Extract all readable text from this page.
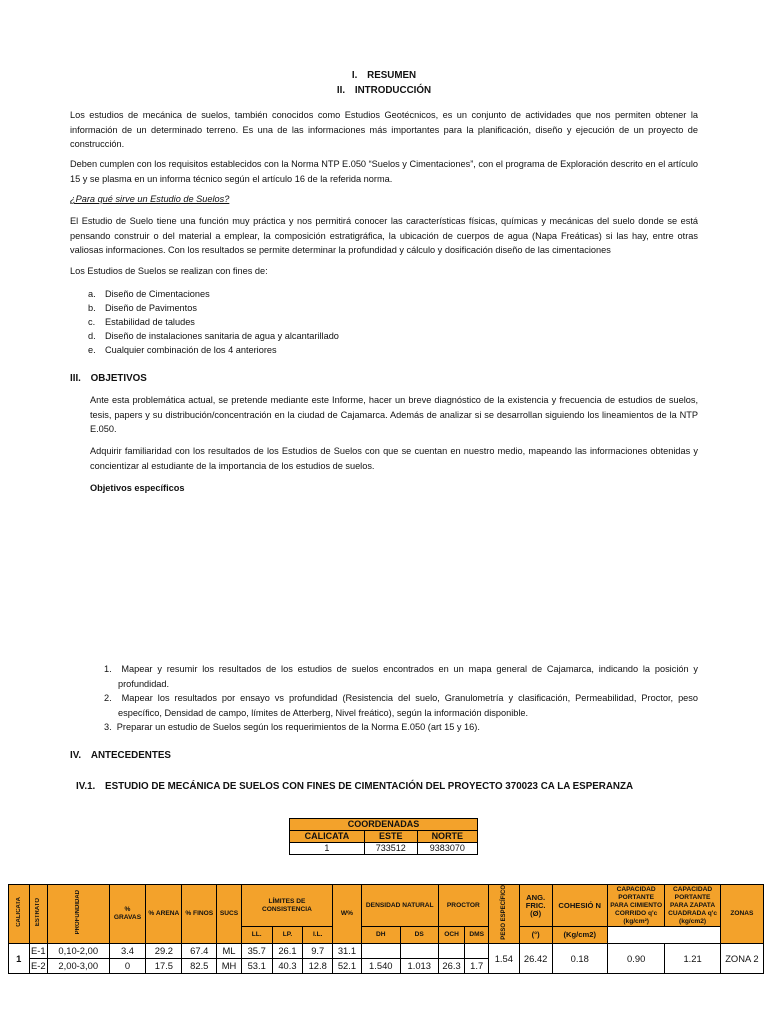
I. RESUMEN
II. INTRODUCCIÓN
Los estudios de mecánica de suelos, también conocidos como Estudios Geotécnicos, es un conjunto de actividades que nos permiten obtener la información de un determinado terreno. Es una de las informaciones más importantes para la planificación, diseño y ejecución de un proyecto de construcción.
Deben cumplen con los requisitos establecidos con la Norma NTP E.050 “Suelos y Cimentaciones”, con el programa de Exploración descrito en el artículo 15 y se plasma en un informa técnico según el artículo 16 de la referida norma.
¿Para qué sirve un Estudio de Suelos?
El Estudio de Suelo tiene una función muy práctica y nos permitirá conocer las características físicas, químicas y mecánicas del suelo donde se está pensando construir o del material a emplear, la composición estratigráfica, la ubicación de cuerpos de agua (Napa Freáticas) si las hay, entre otras valiosas informaciones. Con los resultados se permite determinar la profundidad y cálculo y dosificación diseño de las cimentaciones
Los Estudios de Suelos se realizan con fines de:
a. Diseño de Cimentaciones
b. Diseño de Pavimentos
c. Estabilidad de taludes
d. Diseño de instalaciones sanitaria de agua y alcantarillado
e. Cualquier combinación de los 4 anteriores
III. OBJETIVOS
Ante esta problemática actual, se pretende mediante este Informe, hacer un breve diagnóstico de la existencia y frecuencia de estudios de suelos, tesis, papers y su distribución/concentración en la ciudad de Cajamarca. Además de analizar si se desarrollan siguiendo los lineamientos de la NTP E.050.
Adquirir familiaridad con los resultados de los Estudios de Suelos con que se cuentan en nuestro medio, mapeando las informaciones obtenidas y concientizar al estudiante de la importancia de los estudios de suelos.
Objetivos específicos
1. Mapear y resumir los resultados de los estudios de suelos encontrados en un mapa general de Cajamarca, indicando la posición y profundidad.
2. Mapear los resultados por ensayo vs profundidad (Resistencia del suelo, Granulometría y clasificación, Permeabilidad, Proctor, peso específico, Densidad de campo, límites de Atterberg, Nivel freático), según la información disponible.
3. Preparar un estudio de Suelos según los requerimientos de la Norma E.050 (art 15 y 16).
IV. ANTECEDENTES
IV.1. ESTUDIO DE MECÁNICA DE SUELOS CON FINES DE CIMENTACIÓN DEL PROYECTO 370023 CA LA ESPERANZA
COORDENADAS		
CALICATA	ESTE	NORTE
1	733512	9383070
CALICATA	ESTRATO	PROFUNDIDAD	% GRAVAS	% ARENA	% FINOS	SUCS	LÍMITES DE CONSISTENCIA			W%	DENSIDAD NATURAL		PROCTOR		PESO ESPECÍFICO	ANG. FRIC. (Ø)	COHESIÓ N	CAPACIDAD PORTANTE PARA CIMIENTO CORRIDO q'c (kg/cm²)	CAPACIDAD PORTANTE PARA ZAPATA CUADRADA q'c (kg/cm2)	ZONAS
							LL.	LP.	I.L.		DH	DS	OCH	DMS		(°)	(Kg/cm2)		
1	E-1	0,10-2,00	3.4	29.2	67.4	ML	35.7	26.1	9.7	31.1					1.54	26.42	0.18	0.90	1.21	ZONA 2
	E-2	2,00-3,00	0	17.5	82.5	MH	53.1	40.3	12.8	52.1	1.540	1.013	26.3	1.7						
